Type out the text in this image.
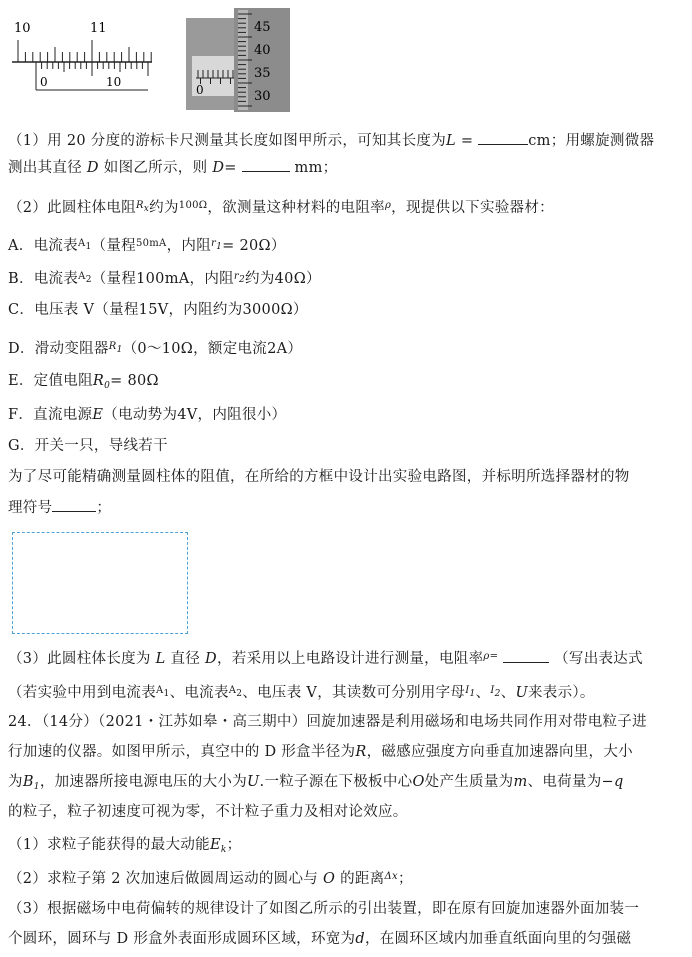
10	11
0	10
0
45
40
35
30
（1）用 20 分度的游标卡尺测量其长度如图甲所示，可知其长度为L =	cm；用螺旋测微器
测出其直径 D 如图乙所示，则 D=	mm；
（2）此圆柱体电阻$^{Rx}$约为$^{100\Omega}$，欲测量这种材料的电阻率$^\rho$，现提供以下实验器材：
A．电流表$^{A1}$（量程$^{50mA}$，内阻$^{r1}$= 20Ω）
B．电流表$^{A2}$（量程100mA，内阻$^{r2}$约为40Ω）
C．电压表 V（量程15V，内阻约为3000Ω）
D．滑动变阻器$^{R1}$（0～10Ω，额定电流2A）
E．定值电阻$R_0= 80\Omega$
F．直流电源E（电动势为4V，内阻很小）
G．开关一只，导线若干
为了尽可能精确测量圆柱体的阻值，在所给的方框中设计出实验电路图，并标明所选择器材的物
理符号	；
（3）此圆柱体长度为 L 直径 D，若采用以上电路设计进行测量，电阻率$^{\rho=}$	（写出表达式
（若实验中用到电流表$^{A1}$、电流表$^{A2}$、电压表 V，其读数可分别用字母$^{I1}$、$^{I2}$、U来表示）。
24．（14分）（2021・江苏如皋・高三期中）回旋加速器是利用磁场和电场共同作用对带电粒子进
行加速的仪器。如图甲所示，真空中的 D 形盒半径为R，磁感应强度方向垂直加速器向里，大小
为$B_1$，加速器所接电源电压的大小为U.一粒子源在下极板中心O处产生质量为m、电荷量为−q
的粒子，粒子初速度可视为零，不计粒子重力及相对论效应。
（1）求粒子能获得的最大动能$E_k$；
（2）求粒子第 2 次加速后做圆周运动的圆心与 O 的距离$^{\Delta x}$；
（3）根据磁场中电荷偏转的规律设计了如图乙所示的引出装置，即在原有回旋加速器外面加装一
个圆环，圆环与 D 形盒外表面形成圆环区域，环宽为d，在圆环区域内加垂直纸面向里的匀强磁
